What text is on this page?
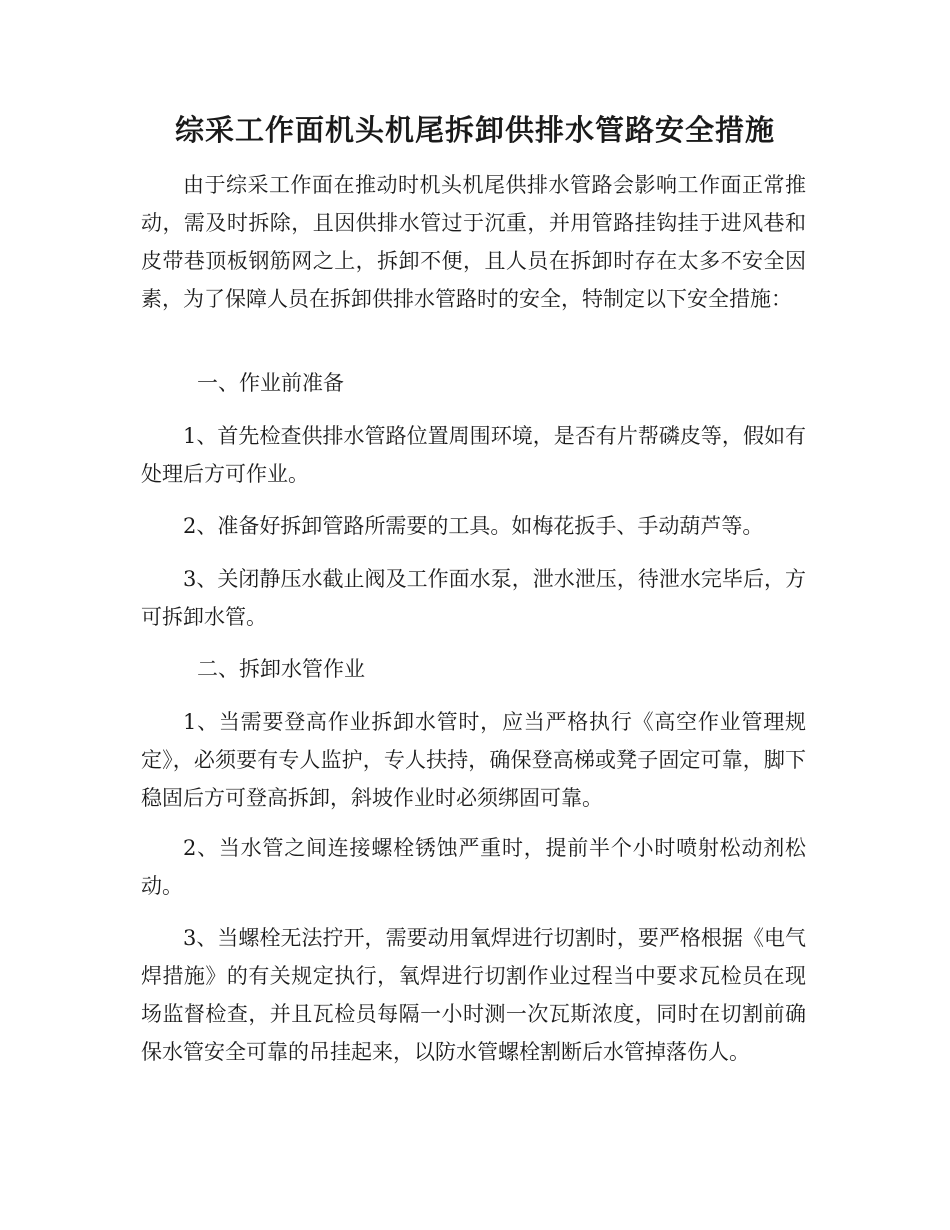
综采工作面机头机尾拆卸供排水管路安全措施

由于综采工作面在推动时机头机尾供排水管路会影响工作面正常推动，需及时拆除，且因供排水管过于沉重，并用管路挂钩挂于进风巷和皮带巷顶板钢筋网之上，拆卸不便，且人员在拆卸时存在太多不安全因素，为了保障人员在拆卸供排水管路时的安全，特制定以下安全措施：

一、作业前准备

1、首先检查供排水管路位置周围环境，是否有片帮磷皮等，假如有处理后方可作业。

2、准备好拆卸管路所需要的工具。如梅花扳手、手动葫芦等。

3、关闭静压水截止阀及工作面水泵，泄水泄压，待泄水完毕后，方可拆卸水管。

二、拆卸水管作业

1、当需要登高作业拆卸水管时，应当严格执行《高空作业管理规定》，必须要有专人监护，专人扶持，确保登高梯或凳子固定可靠，脚下稳固后方可登高拆卸，斜坡作业时必须绑固可靠。

2、当水管之间连接螺栓锈蚀严重时，提前半个小时喷射松动剂松动。

3、当螺栓无法拧开，需要动用氧焊进行切割时，要严格根据《电气焊措施》的有关规定执行，氧焊进行切割作业过程当中要求瓦检员在现场监督检查，并且瓦检员每隔一小时测一次瓦斯浓度，同时在切割前确保水管安全可靠的吊挂起来，以防水管螺栓割断后水管掉落伤人。
